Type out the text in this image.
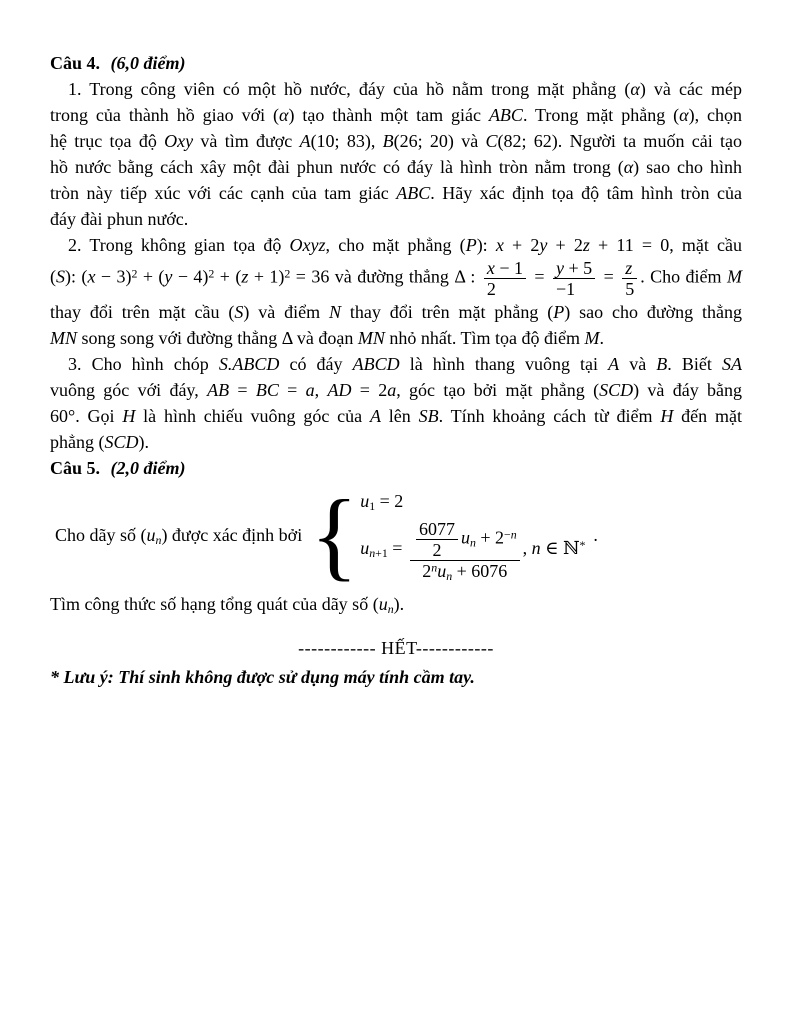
Câu 4. (6,0 điểm)
1. Trong công viên có một hồ nước, đáy của hồ nằm trong mặt phẳng (α) và các mép
trong của thành hồ giao với (α) tạo thành một tam giác ABC. Trong mặt phẳng (α), chọn
hệ trục tọa độ Oxy và tìm được A(10; 83), B(26; 20) và C(82; 62). Người ta muốn cải tạo
hồ nước bằng cách xây một đài phun nước có đáy là hình tròn nằm trong (α) sao cho hình
tròn này tiếp xúc với các cạnh của tam giác ABC. Hãy xác định tọa độ tâm hình tròn của
đáy đài phun nước.
2. Trong không gian tọa độ Oxyz, cho mặt phẳng (P): x + 2y + 2z + 11 = 0, mặt cầu
(S): $(x - 3)^2 + (y - 4)^2 + (z + 1)^2 = 36$ và đường thẳng Δ : $\frac{x - 1}{2} = \frac{y + 5}{-1} = \frac{z}{5}$ . Cho điểm M
thay đổi trên mặt cầu (S) và điểm N thay đổi trên mặt phẳng (P) sao cho đường thẳng
MN song song với đường thẳng Δ và đoạn MN nhỏ nhất. Tìm tọa độ điểm M.
3. Cho hình chóp S.ABCD có đáy ABCD là hình thang vuông tại A và B. Biết SA
vuông góc với đáy, AB = BC = a, AD = 2a, góc tạo bởi mặt phẳng (SCD) và đáy bằng
60°. Gọi H là hình chiếu vuông góc của A lên SB. Tính khoảng cách từ điểm H đến mặt
phẳng (SCD).
Câu 5. (2,0 điểm)
Cho dãy số $(u_n)$ được xác định bởi { $u_1 = 2$
$u_{n+1} = \frac{\frac{6077}{2} u_n + 2^{-n}}{2^nu_n + 6076}$ , n ∈ ℕ*
.
Tìm công thức số hạng tổng quát của dãy số $(u_n)$.
------------ HẾT------------
* Lưu ý: Thí sinh không được sử dụng máy tính cầm tay.
